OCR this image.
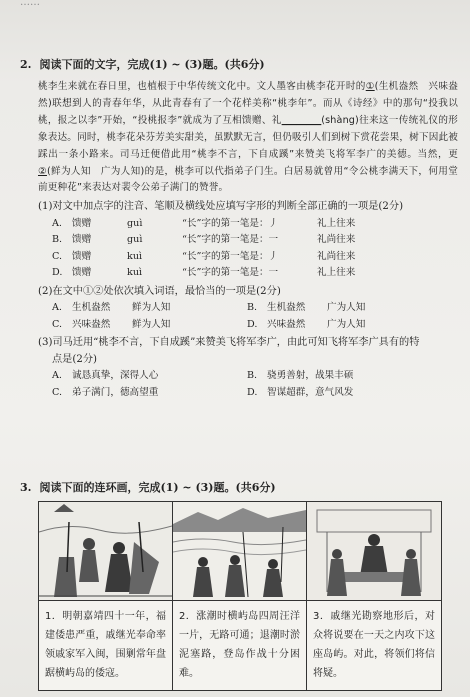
……
2. 阅读下面的文字，完成(1) ~ (3)题。(共6分)
桃李生来就在春日里，也植根于中华传统文化中。文人墨客由桃李花开时的①(生机盎然　兴味盎然)联想到人的青春年华，从此青春有了一个花样美称“桃李年”。而从《诗经》中的那句“投我以桃，报之以李”开始，“投桃报李”就成为了互相馈赠、礼________(shàng)往来这一传统礼仪的形象表达。同时，桃李花朵芬芳美实甜美，虽默默无言，但仍吸引人们到树下赏花尝果，树下因此被踩出一条小路来。司马迁便借此用“桃李不言，下自成蹊”来赞美飞将军李广的美德。当然，更②(鲜为人知　广为人知)的是，桃李可以代指弟子门生。白居易就曾用“令公桃李满天下，何用堂前更种花”来表达对裴令公弟子满门的赞誉。
(1)对文中加点字的注音、笔顺及横线处应填写字形的判断全部正确的一项是(2分)
A.	馈赠	guì	“长”字的第一笔是：丿	礼上往来
B.	馈赠	guì	“长”字的第一笔是：一	礼尚往来
C.	馈赠	kuì	“长”字的第一笔是：丿	礼尚往来
D. 馈赠	kuì	“长”字的第一笔是：一	礼上往来
(2)在文中①②处依次填入词语，最恰当的一项是(2分)
A. 生机盎然 鲜为人知	B. 生机盎然 广为人知
C. 兴味盎然 鲜为人知	D. 兴味盎然 广为人知
(3)司马迁用“桃李不言，下自成蹊”来赞美飞将军李广，由此可知飞将军李广具有的特
点是(2分)
A. 诚恳真挚，深得人心	B. 骁勇善射，战果丰硕
C. 弟子满门，德高望重	D. 智谋超群，意气风发
3. 阅读下面的连环画，完成(1) ~ (3)题。(共6分)
1．明朝嘉靖四十一年，福建倭患严重，戚继光奉命率领戚家军入闽，围剿常年盘踞横屿岛的倭寇。
2．涨潮时横屿岛四周汪洋一片，无路可通；退潮时淤泥塞路，登岛作战十分困难。
3．戚继光勘察地形后，对众将说要在一天之内攻下这座岛屿。对此，将领们将信将疑。
